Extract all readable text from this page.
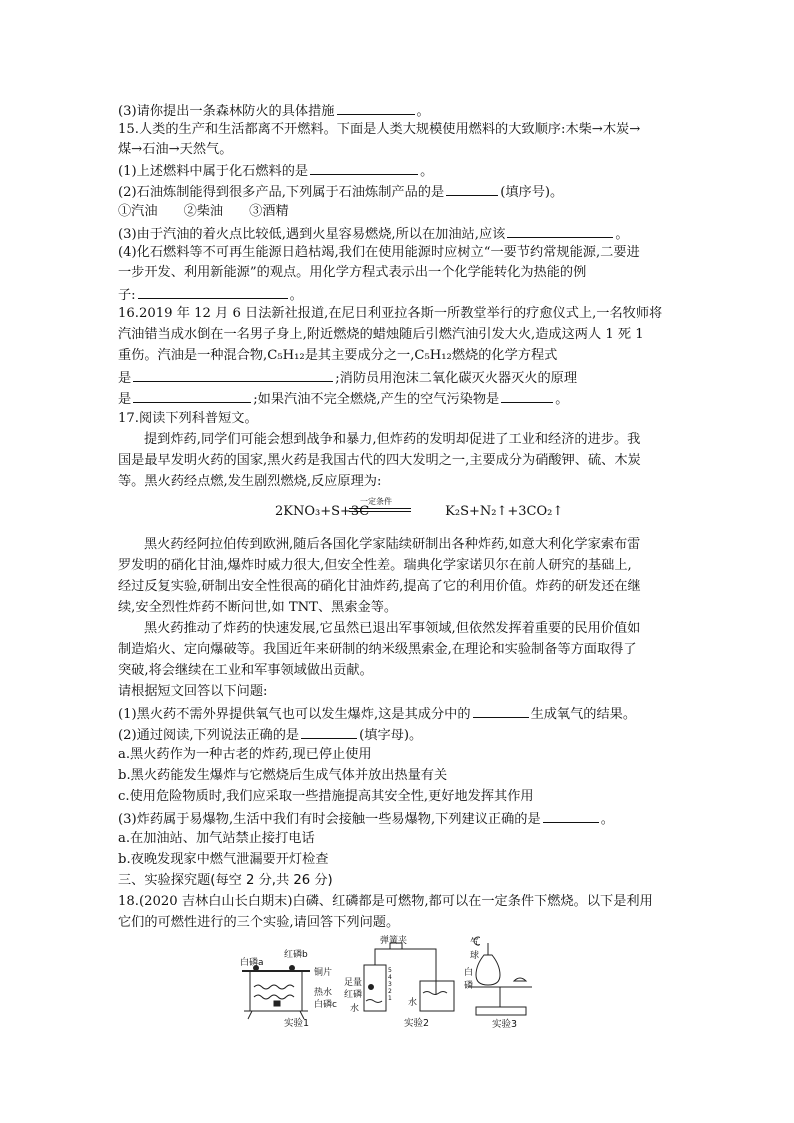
(3)请你提出一条森林防火的具体措施	。
15.人类的生产和生活都离不开燃料。下面是人类大规模使用燃料的大致顺序:木柴→木炭→
煤→石油→天然气。
(1)上述燃料中属于化石燃料的是	。
(2)石油炼制能得到很多产品,下列属于石油炼制产品的是	(填序号)。
①汽油 ②柴油 ③酒精
(3)由于汽油的着火点比较低,遇到火星容易燃烧,所以在加油站,应该	。
(4)化石燃料等不可再生能源日趋枯竭,我们在使用能源时应树立“一要节约常规能源,二要进
一步开发、利用新能源”的观点。用化学方程式表示出一个化学能转化为热能的例
子:	。
16.2019 年 12 月 6 日法新社报道,在尼日利亚拉各斯一所教堂举行的疗愈仪式上,一名牧师将
汽油错当成水倒在一名男子身上,附近燃烧的蜡烛随后引燃汽油引发大火,造成这两人 1 死 1
重伤。汽油是一种混合物,C₅H₁₂是其主要成分之一,C₅H₁₂燃烧的化学方程式
是	;消防员用泡沫二氧化碳灭火器灭火的原理
是	;如果汽油不完全燃烧,产生的空气污染物是	。
17.阅读下列科普短文。
提到炸药,同学们可能会想到战争和暴力,但炸药的发明却促进了工业和经济的进步。我
国是最早发明火药的国家,黑火药是我国古代的四大发明之一,主要成分为硝酸钾、硫、木炭
等。黑火药经点燃,发生剧烈燃烧,反应原理为:
2KNO₃+S+3C	K₂S+N₂↑+3CO₂↑
一定条件
黑火药经阿拉伯传到欧洲,随后各国化学家陆续研制出各种炸药,如意大利化学家索布雷
罗发明的硝化甘油,爆炸时威力很大,但安全性差。瑞典化学家诺贝尔在前人研究的基础上,
经过反复实验,研制出安全性很高的硝化甘油炸药,提高了它的利用价值。炸药的研发还在继
续,安全烈性炸药不断问世,如 TNT、黑索金等。
黑火药推动了炸药的快速发展,它虽然已退出军事领域,但依然发挥着重要的民用价值如
制造焰火、定向爆破等。我国近年来研制的纳米级黑索金,在理论和实验制备等方面取得了
突破,将会继续在工业和军事领域做出贡献。
请根据短文回答以下问题:
(1)黑火药不需外界提供氧气也可以发生爆炸,这是其成分中的	生成氧气的结果。
(2)通过阅读,下列说法正确的是	(填字母)。
a.黑火药作为一种古老的炸药,现已停止使用
b.黑火药能发生爆炸与它燃烧后生成气体并放出热量有关
c.使用危险物质时,我们应采取一些措施提高其安全性,更好地发挥其作用
(3)炸药属于易爆物,生活中我们有时会接触一些易爆物,下列建议正确的是	。
a.在加油站、加气站禁止接打电话
b.夜晚发现家中燃气泄漏要开灯检查
三、实验探究题(每空 2 分,共 26 分)
18.(2020 吉林白山长白期末)白磷、红磷都是可燃物,都可以在一定条件下燃烧。以下是利用
它们的可燃性进行的三个实验,请回答下列问题。
白磷a
红磷b
铜片
热水
白磷c
实验1
弹簧夹
足量
红磷
水
水
5 4 3 2 1
实验2
气球
白磷
实验3
